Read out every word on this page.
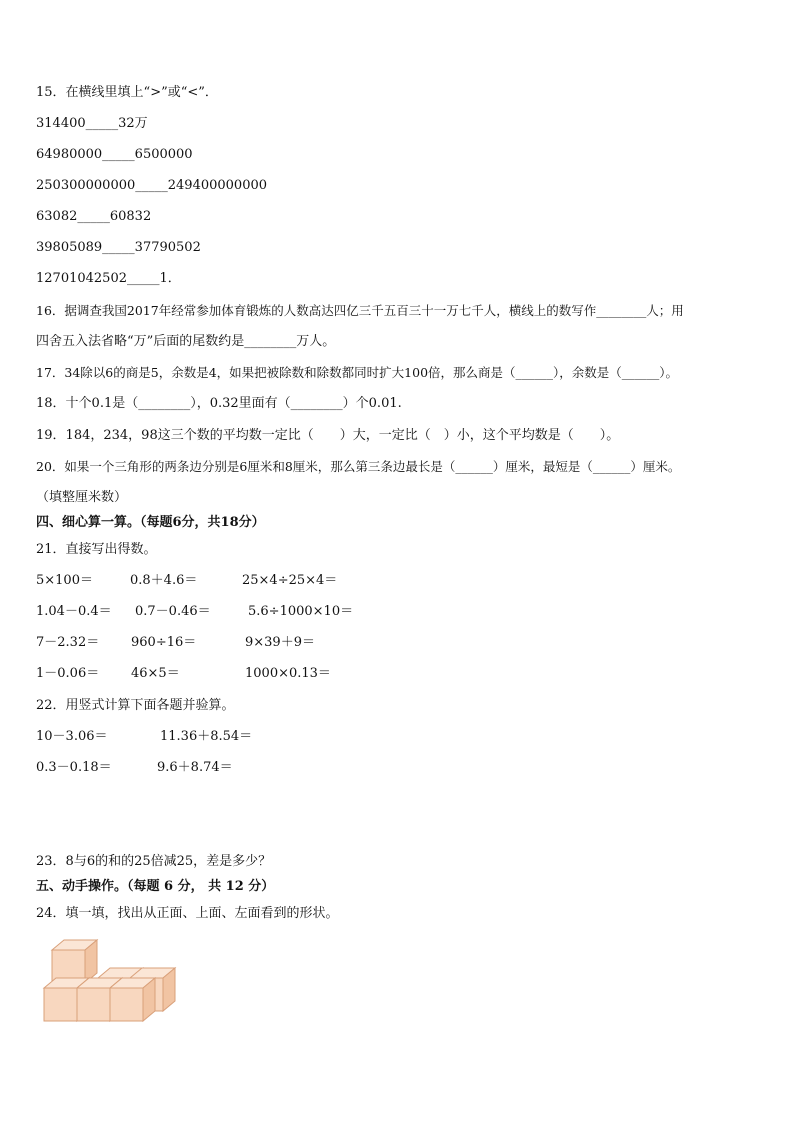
15．在横线里填上“>”或“<”．
314400_____32万
64980000_____6500000
250300000000_____249400000000
63082_____60832
39805089_____37790502
12701042502_____1．
16．据调查我国2017年经常参加体育锻炼的人数高达四亿三千五百三十一万七千人，横线上的数写作________人；用
四舍五入法省略“万”后面的尾数约是________万人。
17．34除以6的商是5，余数是4，如果把被除数和除数都同时扩大100倍，那么商是（______），余数是（______）。
18．十个0.1是（________），0.32里面有（________）个0.01.
19．184，234，98这三个数的平均数一定比（　　）大，一定比（　）小，这个平均数是（　　）。
20．如果一个三角形的两条边分别是6厘米和8厘米，那么第三条边最长是（______）厘米，最短是（______）厘米。
（填整厘米数）
四、细心算一算。（每题6分，共18分）
21．直接写出得数。
5×100＝	0.8＋4.6＝	25×4÷25×4＝
1.04－0.4＝ 0.7－0.46＝	5.6÷1000×10＝
7－2.32＝ 960÷16＝	9×39＋9＝
1－0.06＝ 46×5＝	1000×0.13＝
22．用竖式计算下面各题并验算。
10－3.06＝	11.36＋8.54＝
0.3－0.18＝	9.6＋8.74＝
23．8与6的和的25倍减25，差是多少？
五、动手操作。（每题 6 分， 共 12 分）
24．填一填，找出从正面、上面、左面看到的形状。
